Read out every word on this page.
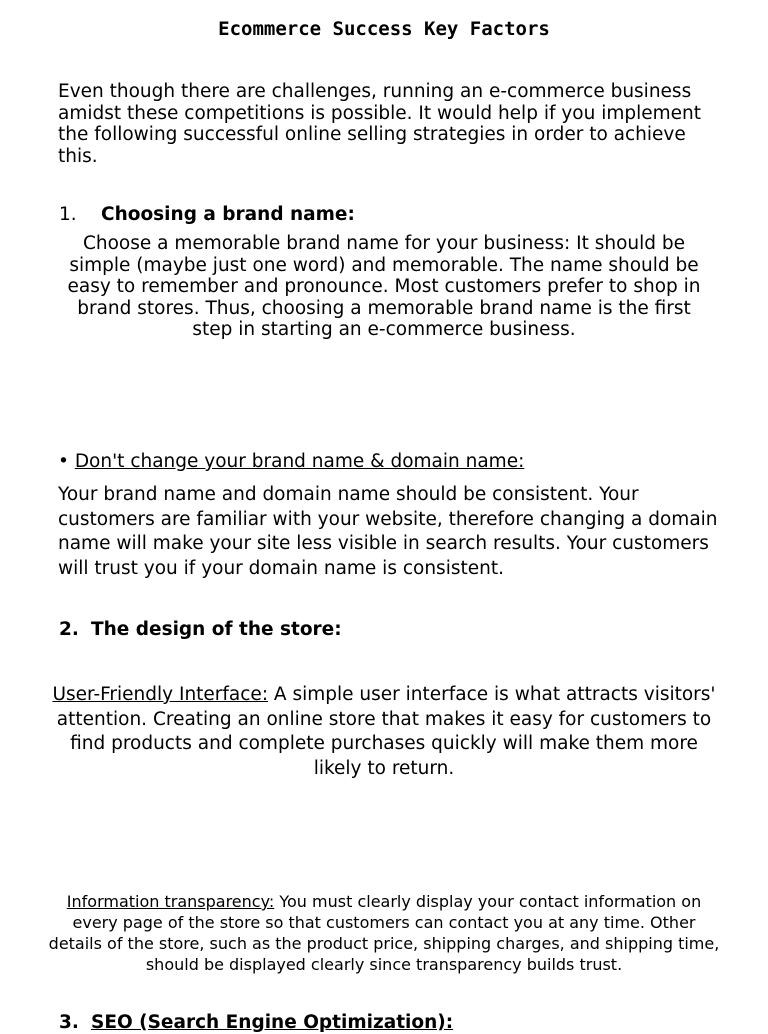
Ecommerce Success Key Factors
Even though there are challenges, running an e-commerce business amidst these competitions is possible. It would help if you implement the following successful online selling strategies in order to achieve this.
1. Choosing a brand name:
Choose a memorable brand name for your business: It should be simple (maybe just one word) and memorable. The name should be easy to remember and pronounce. Most customers prefer to shop in brand stores. Thus, choosing a memorable brand name is the first step in starting an e-commerce business.
• Don't change your brand name & domain name:
Your brand name and domain name should be consistent. Your customers are familiar with your website, therefore changing a domain name will make your site less visible in search results. Your customers will trust you if your domain name is consistent.
2. The design of the store:
User-Friendly Interface: A simple user interface is what attracts visitors' attention. Creating an online store that makes it easy for customers to find products and complete purchases quickly will make them more likely to return.
Information transparency: You must clearly display your contact information on every page of the store so that customers can contact you at any time. Other details of the store, such as the product price, shipping charges, and shipping time, should be displayed clearly since transparency builds trust.
3. SEO (Search Engine Optimization):
